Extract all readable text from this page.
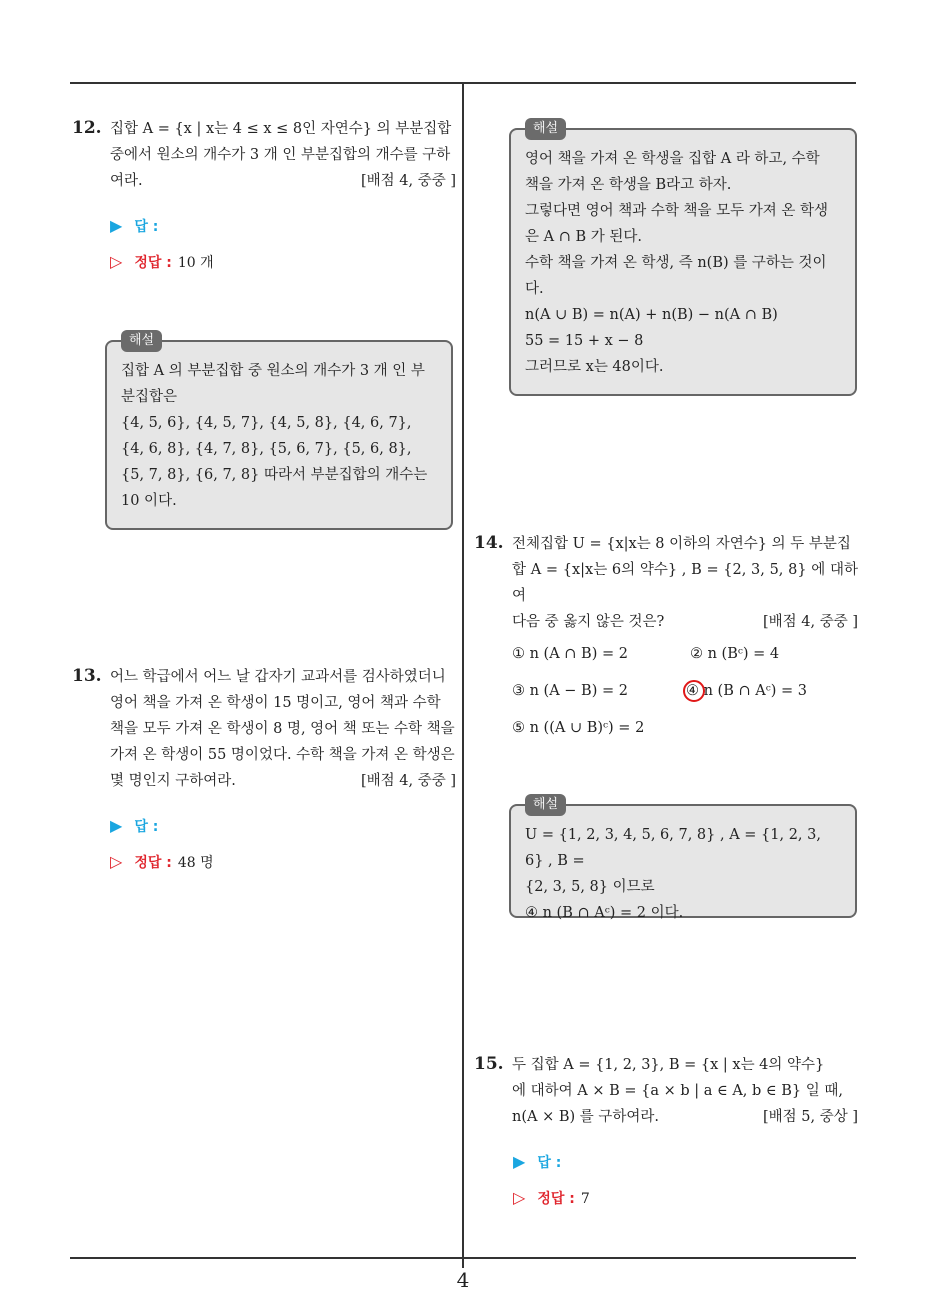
12. 집합 A = {x | x는 4 ≤ x ≤ 8인 자연수} 의 부분집합
중에서 원소의 개수가 3 개 인 부분집합의 개수를 구하
여라.	[배점 4, 중중 ]
▶ 답 :
▷ 정답 : 10 개
해설
집합 A 의 부분집합 중 원소의 개수가 3 개 인 부
분집합은
{4, 5, 6}, {4, 5, 7}, {4, 5, 8}, {4, 6, 7},
{4, 6, 8}, {4, 7, 8}, {5, 6, 7}, {5, 6, 8},
{5, 7, 8}, {6, 7, 8} 따라서 부분집합의 개수는
10 이다.
13. 어느 학급에서 어느 날 갑자기 교과서를 검사하였더니
영어 책을 가져 온 학생이 15 명이고, 영어 책과 수학
책을 모두 가져 온 학생이 8 명, 영어 책 또는 수학 책을
가져 온 학생이 55 명이었다. 수학 책을 가져 온 학생은
몇 명인지 구하여라.	[배점 4, 중중 ]
▶ 답 :
▷ 정답 : 48 명
해설
영어 책을 가져 온 학생을 집합 A 라 하고, 수학
책을 가져 온 학생을 B라고 하자.
그렇다면 영어 책과 수학 책을 모두 가져 온 학생
은 A ∩ B 가 된다.
수학 책을 가져 온 학생, 즉 n(B) 를 구하는 것이
다.
n(A ∪ B) = n(A) + n(B) − n(A ∩ B)
55 = 15 + x − 8
그러므로 x는 48이다.
14. 전체집합 U = {x|x는 8 이하의 자연수} 의 두 부분집
합 A = {x|x는 6의 약수} , B = {2, 3, 5, 8} 에 대하여
다음 중 옳지 않은 것은?	[배점 4, 중중 ]
① n (A ∩ B) = 2	② n (Bᶜ) = 4
③ n (A − B) = 2	④ n (B ∩ Aᶜ) = 3
⑤ n ((A ∪ B)ᶜ) = 2
해설
U = {1, 2, 3, 4, 5, 6, 7, 8} , A = {1, 2, 3, 6} , B =
{2, 3, 5, 8} 이므로
④ n (B ∩ Aᶜ) = 2 이다.
15. 두 집합 A = {1, 2, 3}, B = {x | x는 4의 약수}
에 대하여 A × B = {a × b | a ∈ A, b ∈ B} 일 때,
n(A × B) 를 구하여라.	[배점 5, 중상 ]
▶ 답 :
▷ 정답 : 7
4
